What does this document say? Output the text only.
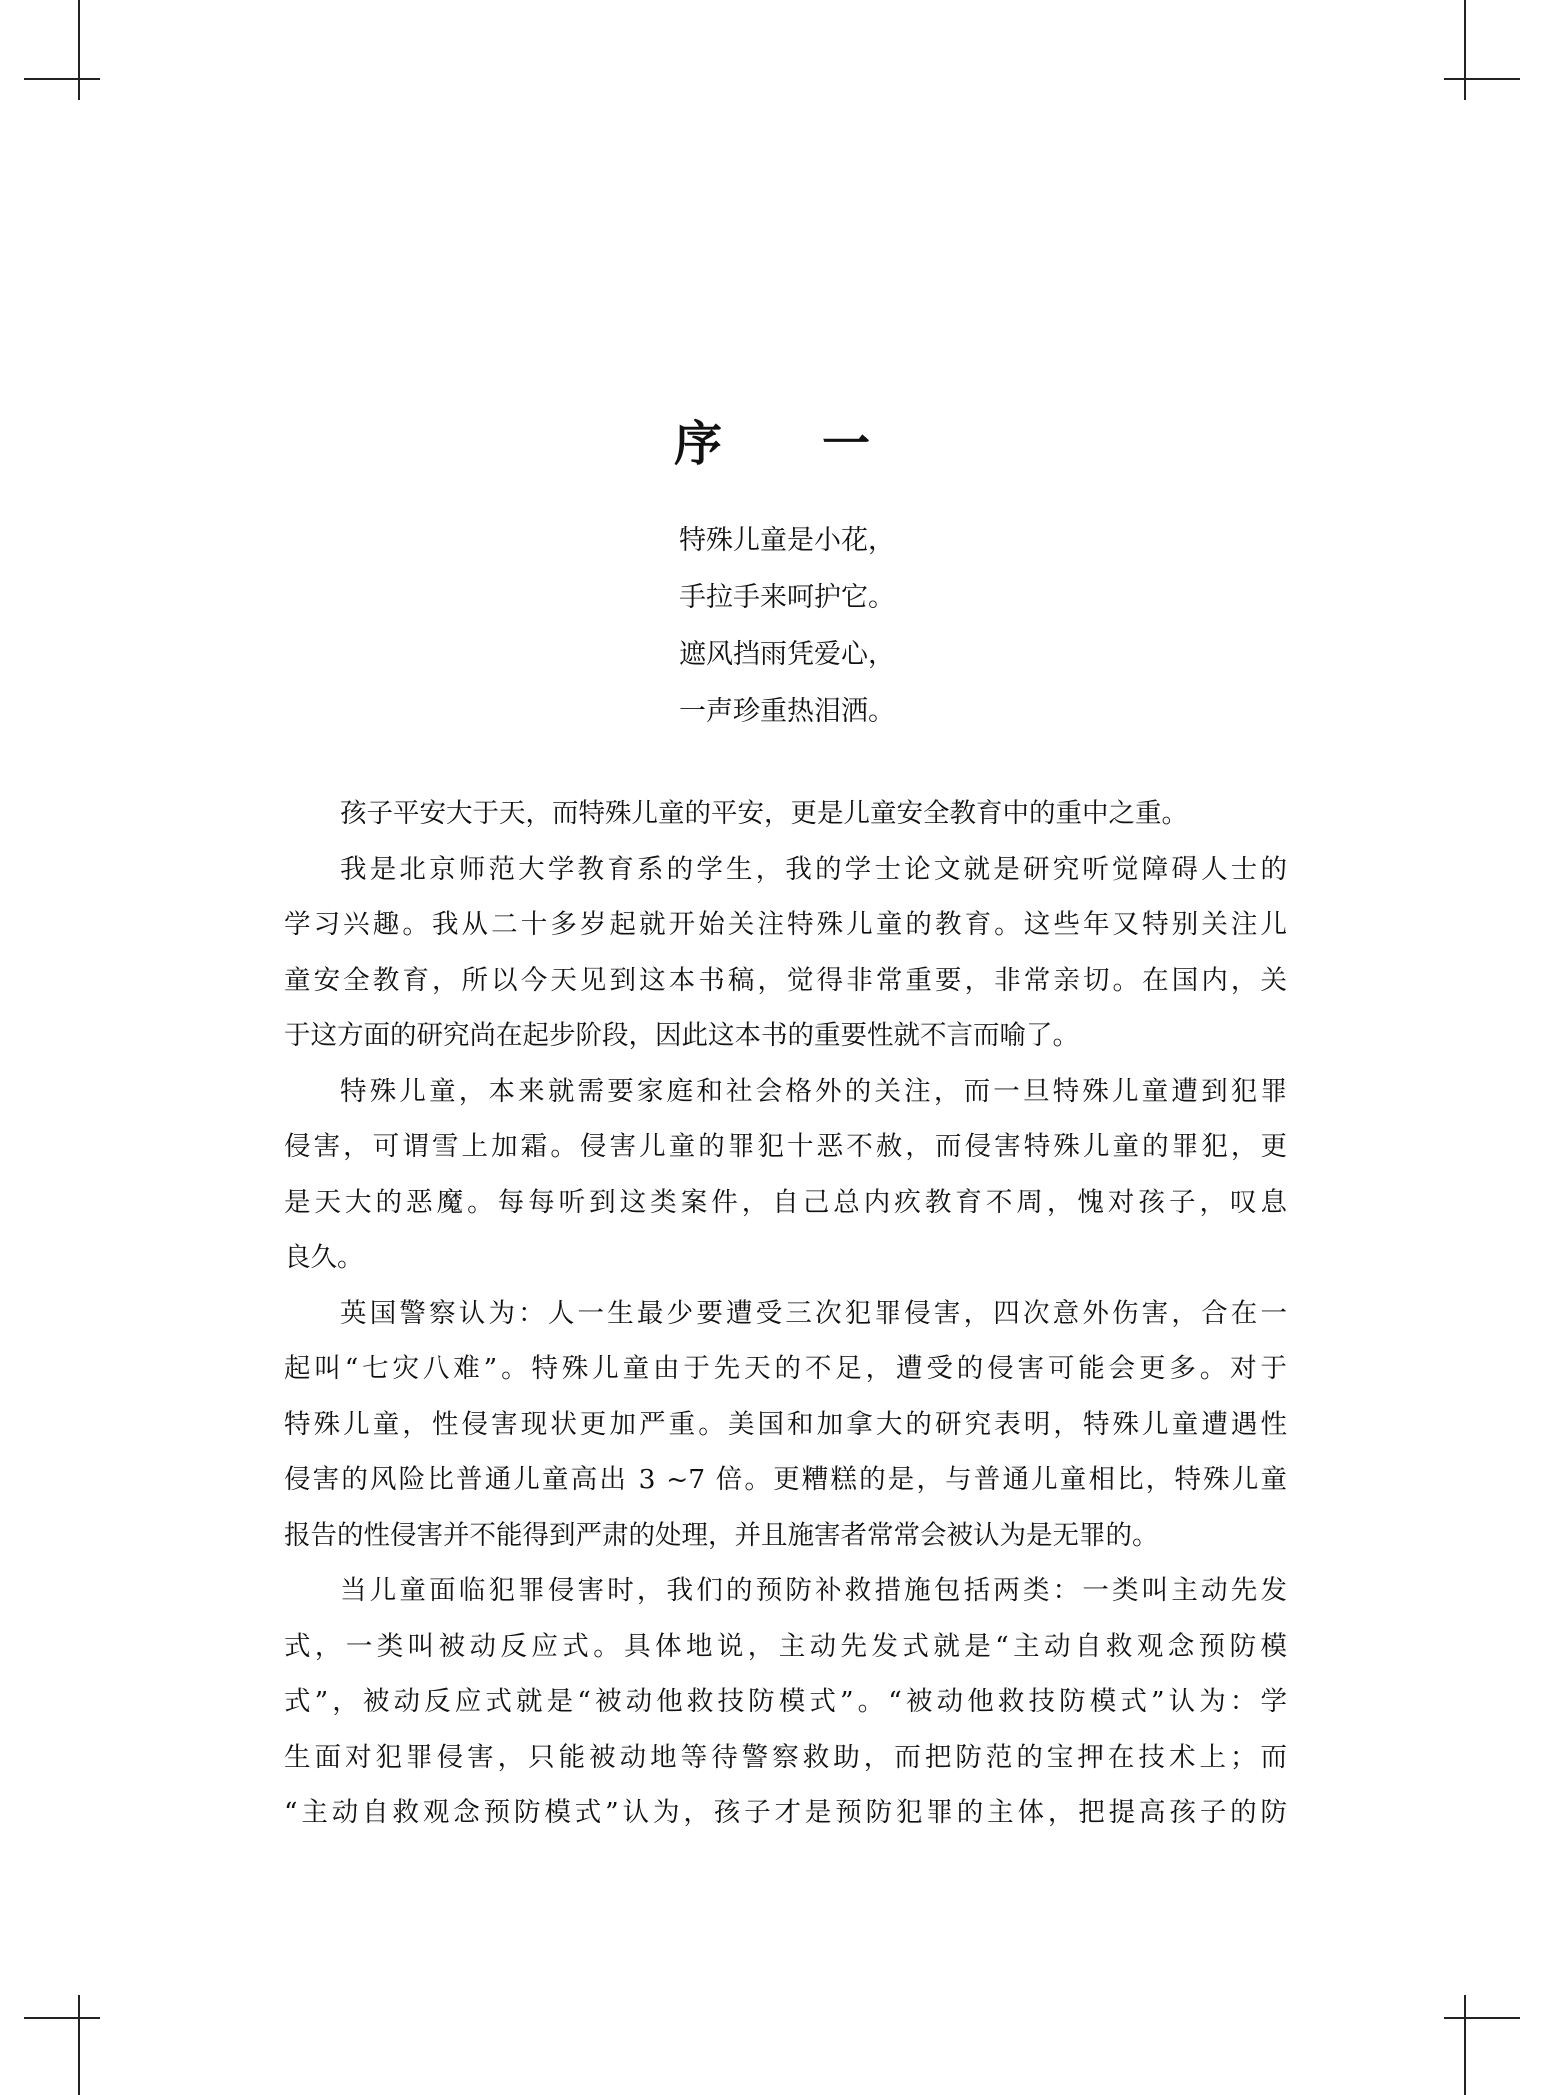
序 一
特殊儿童是小花，
手拉手来呵护它。
遮风挡雨凭爱心，
一声珍重热泪洒。
孩子平安大于天，而特殊儿童的平安，更是儿童安全教育中的重中之重。
我是北京师范大学教育系的学生，我的学士论文就是研究听觉障碍人士的
学习兴趣。我从二十多岁起就开始关注特殊儿童的教育。这些年又特别关注儿
童安全教育，所以今天见到这本书稿，觉得非常重要，非常亲切。在国内，关
于这方面的研究尚在起步阶段，因此这本书的重要性就不言而喻了。
特殊儿童，本来就需要家庭和社会格外的关注，而一旦特殊儿童遭到犯罪
侵害，可谓雪上加霜。侵害儿童的罪犯十恶不赦，而侵害特殊儿童的罪犯，更
是天大的恶魔。每每听到这类案件，自己总内疚教育不周，愧对孩子，叹息
良久。
英国警察认为：人一生最少要遭受三次犯罪侵害，四次意外伤害，合在一
起叫“七灾八难”。特殊儿童由于先天的不足，遭受的侵害可能会更多。对于
特殊儿童，性侵害现状更加严重。美国和加拿大的研究表明，特殊儿童遭遇性
侵害的风险比普通儿童高出 3 ~7 倍。更糟糕的是，与普通儿童相比，特殊儿童
报告的性侵害并不能得到严肃的处理，并且施害者常常会被认为是无罪的。
当儿童面临犯罪侵害时，我们的预防补救措施包括两类：一类叫主动先发
式，一类叫被动反应式。具体地说，主动先发式就是“主动自救观念预防模
式”，被动反应式就是“被动他救技防模式”。“被动他救技防模式”认为：学
生面对犯罪侵害，只能被动地等待警察救助，而把防范的宝押在技术上；而
“主动自救观念预防模式”认为，孩子才是预防犯罪的主体，把提高孩子的防
